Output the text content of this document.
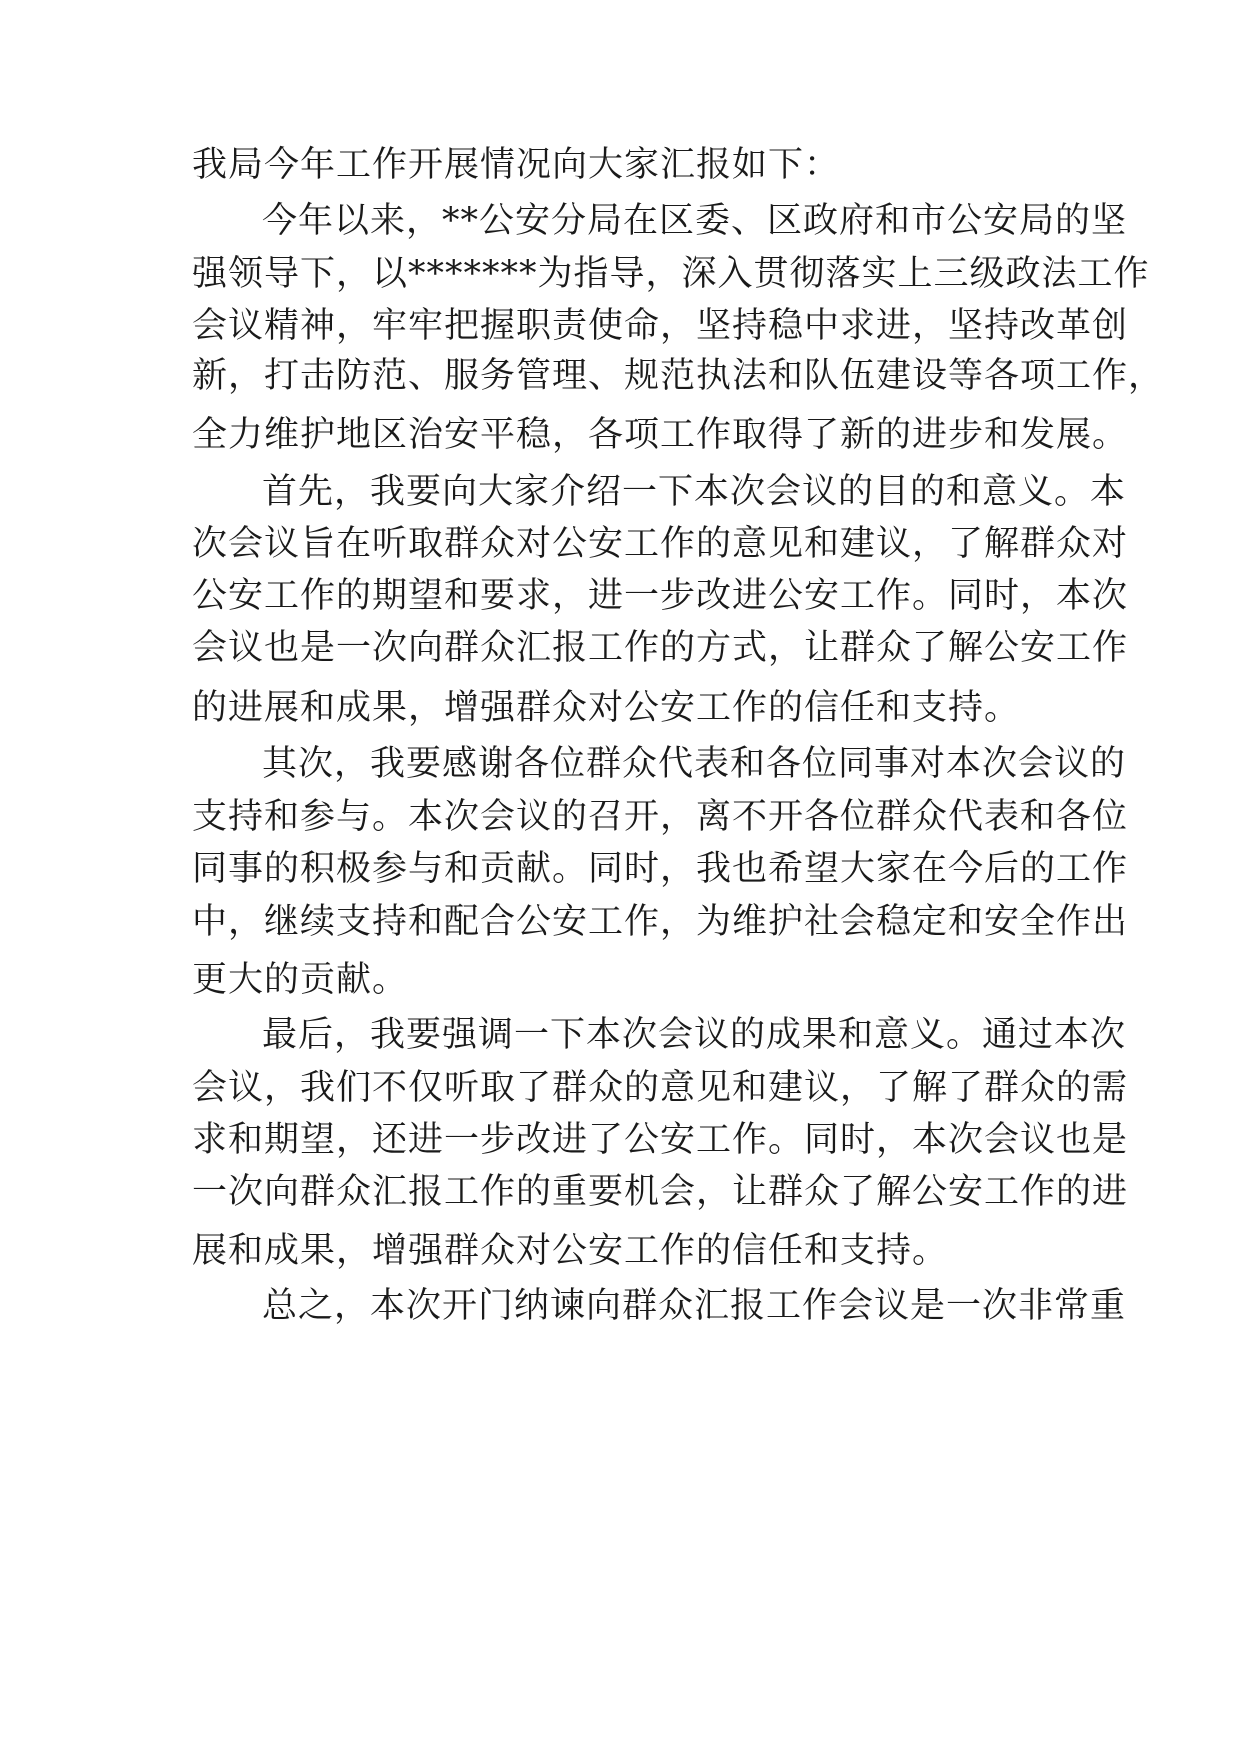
我局今年工作开展情况向大家汇报如下：
今年以来，**公安分局在区委、区政府和市公安局的坚
强领导下，以*******为指导，深入贯彻落实上三级政法工作
会议精神，牢牢把握职责使命，坚持稳中求进，坚持改革创
新，打击防范、服务管理、规范执法和队伍建设等各项工作，
全力维护地区治安平稳，各项工作取得了新的进步和发展。
首先，我要向大家介绍一下本次会议的目的和意义。本
次会议旨在听取群众对公安工作的意见和建议，了解群众对
公安工作的期望和要求，进一步改进公安工作。同时，本次
会议也是一次向群众汇报工作的方式，让群众了解公安工作
的进展和成果，增强群众对公安工作的信任和支持。
其次，我要感谢各位群众代表和各位同事对本次会议的
支持和参与。本次会议的召开，离不开各位群众代表和各位
同事的积极参与和贡献。同时，我也希望大家在今后的工作
中，继续支持和配合公安工作，为维护社会稳定和安全作出
更大的贡献。
最后，我要强调一下本次会议的成果和意义。通过本次
会议，我们不仅听取了群众的意见和建议，了解了群众的需
求和期望，还进一步改进了公安工作。同时，本次会议也是
一次向群众汇报工作的重要机会，让群众了解公安工作的进
展和成果，增强群众对公安工作的信任和支持。
总之，本次开门纳谏向群众汇报工作会议是一次非常重
